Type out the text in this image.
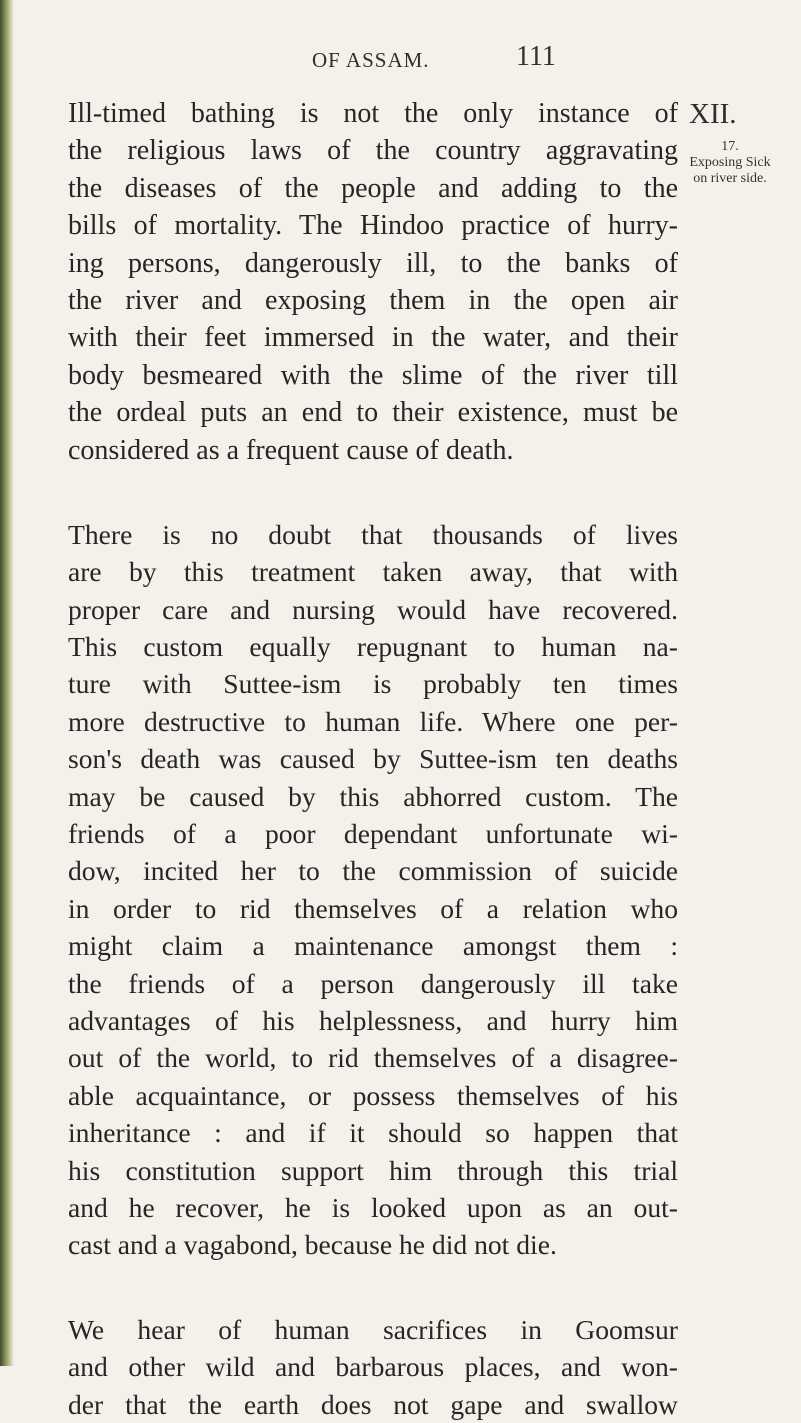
OF ASSAM.	111
XII.
17.
Exposing Sick
on river side.

Ill-timed bathing is not the only instance of
the religious laws of the country aggravating
the diseases of the people and adding to the
bills of mortality. The Hindoo practice of hurry-
ing persons, dangerously ill, to the banks of
the river and exposing them in the open air
with their feet immersed in the water, and their
body besmeared with the slime of the river till
the ordeal puts an end to their existence, must be
considered as a frequent cause of death.

There is no doubt that thousands of lives
are by this treatment taken away, that with
proper care and nursing would have recovered.
This custom equally repugnant to human na-
ture with Suttee-ism is probably ten times
more destructive to human life. Where one per-
son's death was caused by Suttee-ism ten deaths
may be caused by this abhorred custom. The
friends of a poor dependant unfortunate wi-
dow, incited her to the commission of suicide
in order to rid themselves of a relation who
might claim a maintenance amongst them :
the friends of a person dangerously ill take
advantages of his helplessness, and hurry him
out of the world, to rid themselves of a disagree-
able acquaintance, or possess themselves of his
inheritance : and if it should so happen that
his constitution support him through this trial
and he recover, he is looked upon as an out-
cast and a vagabond, because he did not die.

We hear of human sacrifices in Goomsur
and other wild and barbarous places, and won-
der that the earth does not gape and swallow
